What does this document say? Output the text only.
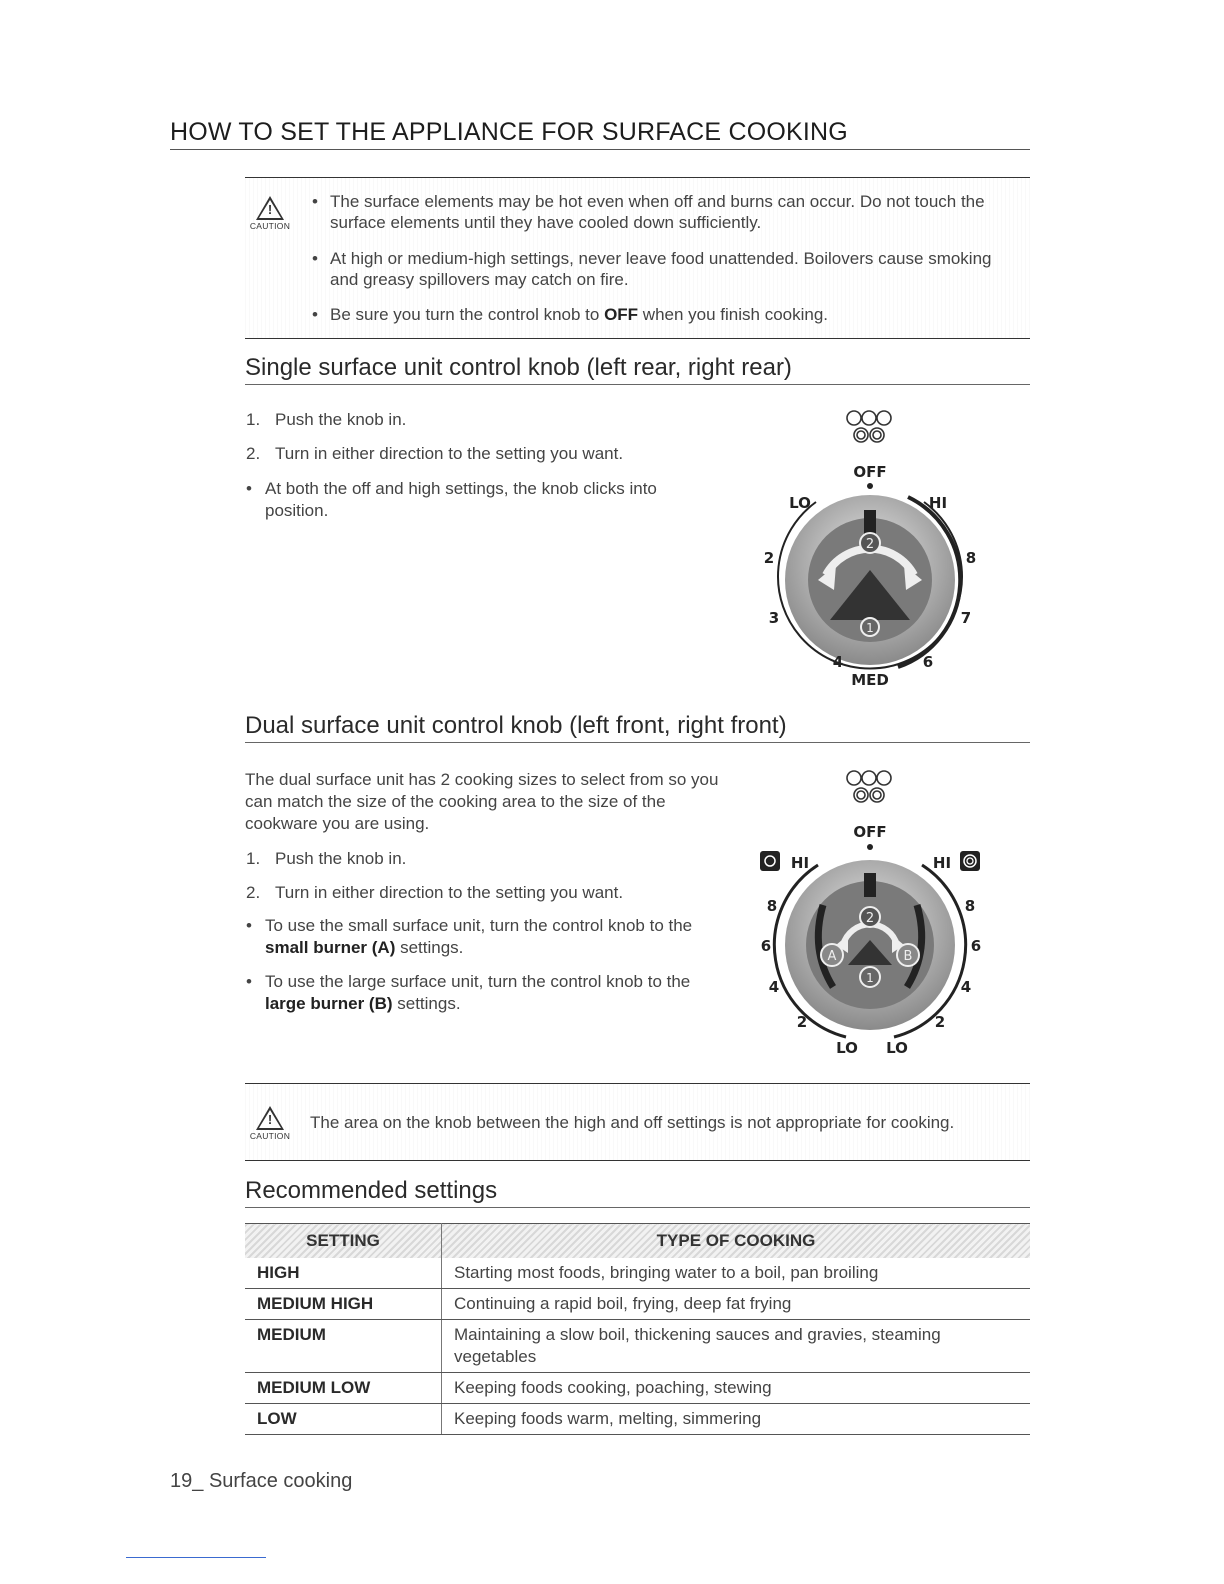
HOW TO SET THE APPLIANCE FOR SURFACE COOKING
!
CAUTION
• The surface elements may be hot even when off and burns can occur. Do not touch the surface elements until they have cooled down sufficiently.
• At high or medium-high settings, never leave food unattended. Boilovers cause smoking and greasy spillovers may catch on fire.
• Be sure you turn the control knob to OFF when you finish cooking.
Single surface unit control knob (left rear, right rear)
1. Push the knob in.
2. Turn in either direction to the setting you want.
• At both the off and high settings, the knob clicks into position.
OFF
2
1
LO	HI
2	8
3	7
4	6
MED
Dual surface unit control knob (left front, right front)
The dual surface unit has 2 cooking sizes to select from so you can match the size of the cooking area to the size of the cookware you are using.
1. Push the knob in.
2. Turn in either direction to the setting you want.
• To use the small surface unit, turn the control knob to the small burner (A) settings.
• To use the large surface unit, turn the control knob to the large burner (B) settings.
OFF
HI	HI
2
1
A	B
8	8
6	6
4	4
2	2
LO LO
!
CAUTION
The area on the knob between the high and off settings is not appropriate for cooking.
Recommended settings
SETTING	TYPE OF COOKING
HIGH	Starting most foods, bringing water to a boil, pan broiling
MEDIUM HIGH	Continuing a rapid boil, frying, deep fat frying
MEDIUM	Maintaining a slow boil, thickening sauces and gravies, steaming vegetables
MEDIUM LOW	Keeping foods cooking, poaching, stewing
LOW	Keeping foods warm, melting, simmering
19_ Surface cooking
